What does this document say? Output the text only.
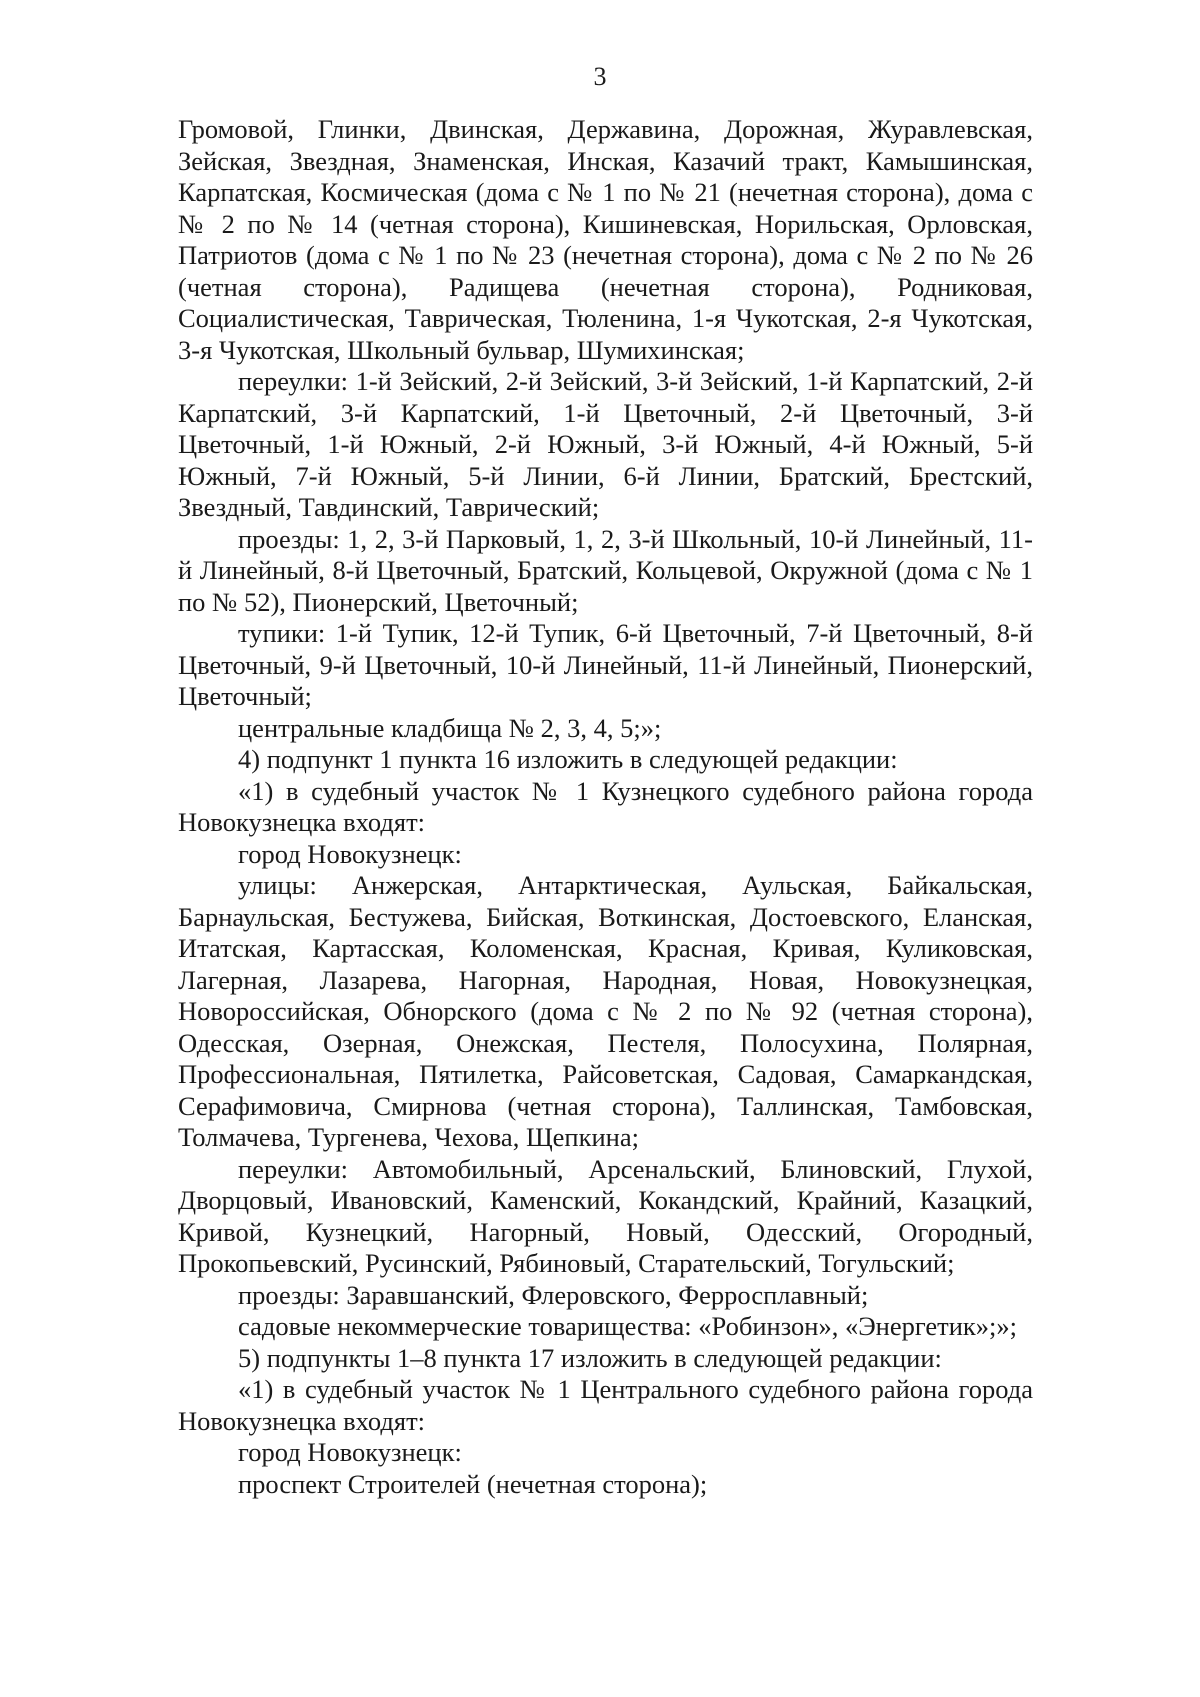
3

Громовой, Глинки, Двинская, Державина, Дорожная, Журавлевская, Зейская, Звездная, Знаменская, Инская, Казачий тракт, Камышинская, Карпатская, Космическая (дома с № 1 по № 21 (нечетная сторона), дома с № 2 по № 14 (четная сторона), Кишиневская, Норильская, Орловская, Патриотов (дома с № 1 по № 23 (нечетная сторона), дома с № 2 по № 26 (четная сторона), Радищева (нечетная сторона), Родниковая, Социалистическая, Таврическая, Тюленина, 1-я Чукотская, 2-я Чукотская, 3-я Чукотская, Школьный бульвар, Шумихинская;

переулки: 1-й Зейский, 2-й Зейский, 3-й Зейский, 1-й Карпатский, 2-й Карпатский, 3-й Карпатский, 1-й Цветочный, 2-й Цветочный, 3-й Цветочный, 1-й Южный, 2-й Южный, 3-й Южный, 4-й Южный, 5-й Южный, 7-й Южный, 5-й Линии, 6-й Линии, Братский, Брестский, Звездный, Тавдинский, Таврический;

проезды: 1, 2, 3-й Парковый, 1, 2, 3-й Школьный, 10-й Линейный, 11-й Линейный, 8-й Цветочный, Братский, Кольцевой, Окружной (дома с № 1 по № 52), Пионерский, Цветочный;

тупики: 1-й Тупик, 12-й Тупик, 6-й Цветочный, 7-й Цветочный, 8-й Цветочный, 9-й Цветочный, 10-й Линейный, 11-й Линейный, Пионерский, Цветочный;

центральные кладбища № 2, 3, 4, 5;»;

4) подпункт 1 пункта 16 изложить в следующей редакции:

«1) в судебный участок № 1 Кузнецкого судебного района города Новокузнецка входят:

город Новокузнецк:

улицы: Анжерская, Антарктическая, Аульская, Байкальская, Барнаульская, Бестужева, Бийская, Воткинская, Достоевского, Еланская, Итатская, Картасская, Коломенская, Красная, Кривая, Куликовская, Лагерная, Лазарева, Нагорная, Народная, Новая, Новокузнецкая, Новороссийская, Обнорского (дома с № 2 по № 92 (четная сторона), Одесская, Озерная, Онежская, Пестеля, Полосухина, Полярная, Профессиональная, Пятилетка, Райсоветская, Садовая, Самаркандская, Серафимовича, Смирнова (четная сторона), Таллинская, Тамбовская, Толмачева, Тургенева, Чехова, Щепкина;

переулки: Автомобильный, Арсенальский, Блиновский, Глухой, Дворцовый, Ивановский, Каменский, Кокандский, Крайний, Казацкий, Кривой, Кузнецкий, Нагорный, Новый, Одесский, Огородный, Прокопьевский, Русинский, Рябиновый, Старательский, Тогульский;

проезды: Заравшанский, Флеровского, Ферросплавный;

садовые некоммерческие товарищества: «Робинзон», «Энергетик»;»;

5) подпункты 1–8 пункта 17 изложить в следующей редакции:

«1) в судебный участок № 1 Центрального судебного района города Новокузнецка входят:

город Новокузнецк:

проспект Строителей (нечетная сторона);
